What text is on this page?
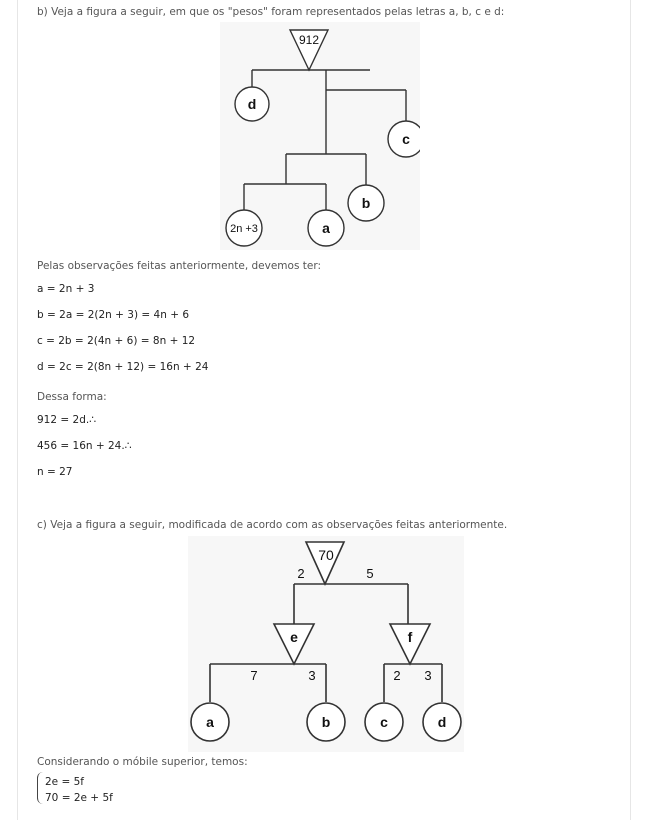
b) Veja a figura a seguir, em que os "pesos" foram representados pelas letras a, b, c e d:
912
d
c
b
a
2n +3
Pelas observações feitas anteriormente, devemos ter:
a = 2n + 3
b = 2a = 2(2n + 3) = 4n + 6
c = 2b = 2(4n + 6) = 8n + 12
d = 2c = 2(8n + 12) = 16n + 24
Dessa forma:
912 = 2d.∴
456 = 16n + 24.∴
n = 27
c) Veja a figura a seguir, modificada de acordo com as observações feitas anteriormente.
70
2	5
e	f
7	3	2 3
a	b	c	d
Considerando o móbile superior, temos:
2e = 5f
70 = 2e + 5f
